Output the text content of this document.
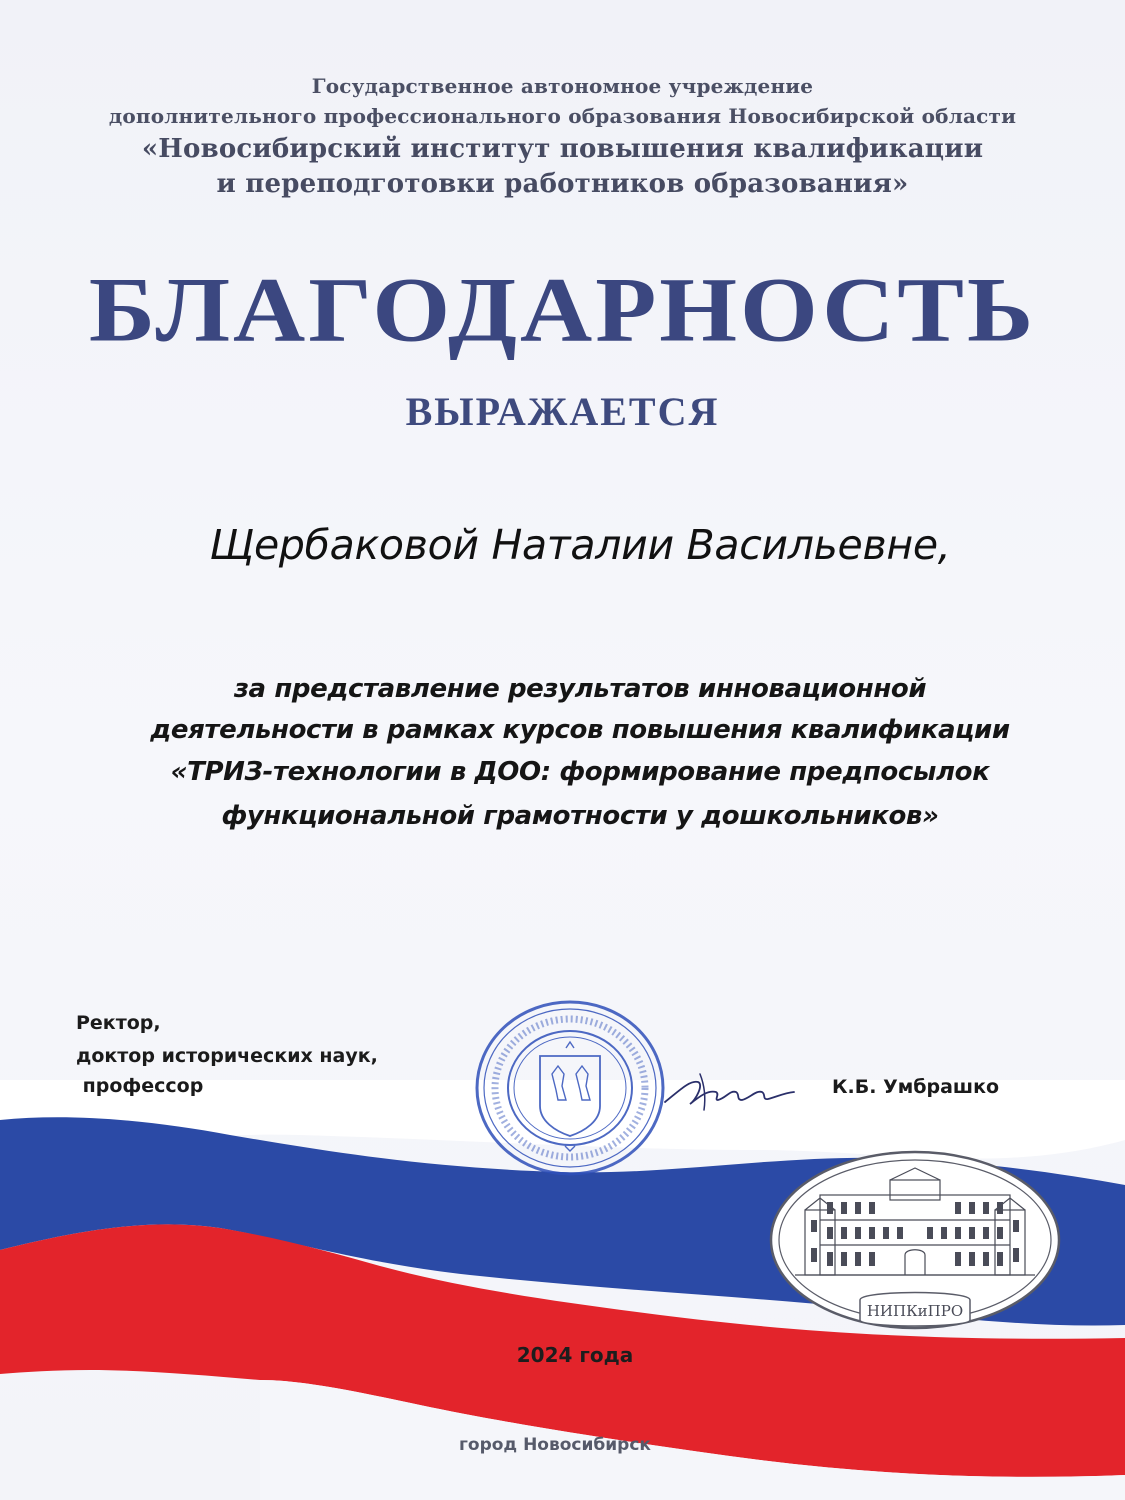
Государственное автономное учреждение
дополнительного профессионального образования Новосибирской области
«Новосибирский институт повышения квалификации
и переподготовки работников образования»
БЛАГОДАРНОСТЬ
ВЫРАЖАЕТСЯ
Щербаковой Наталии Васильевне,
за представление результатов инновационной
деятельности в рамках курсов повышения квалификации
«ТРИЗ-технологии в ДОО: формирование предпосылок
функциональной грамотности у дошкольников»
НИПКиПРО
Ректор,
доктор исторических наук,
профессор	К.Б. Умбрашко
2024 года
город Новосибирск
